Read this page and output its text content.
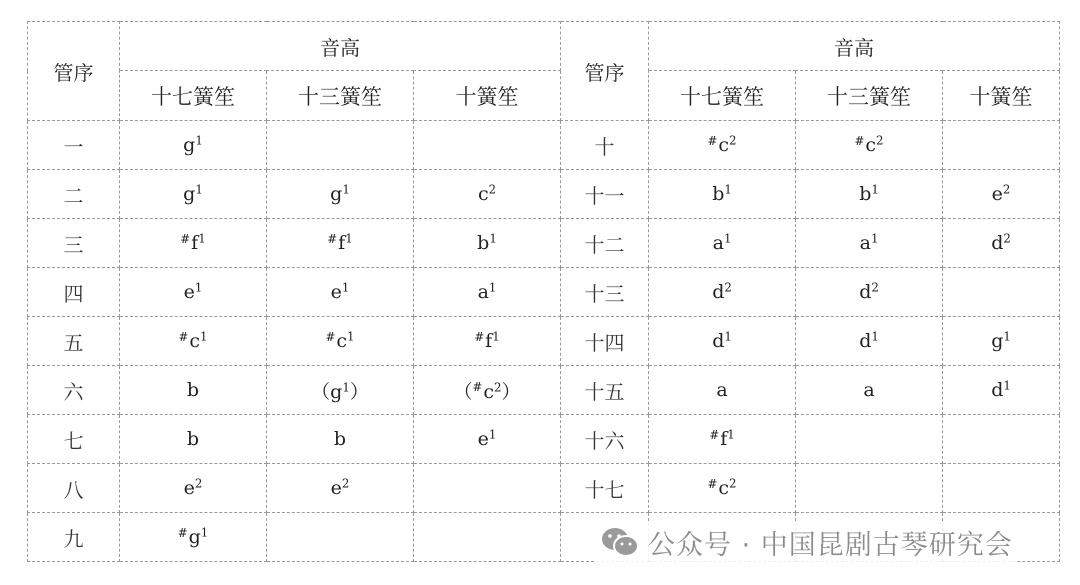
管序	音高			管序	音高		
	十七簧笙	十三簧笙	十簧笙		十七簧笙	十三簧笙	十簧笙
一	$g^1$			十	$^{\#}c^2$	$^{\#}c^2$	
二	$g^1$	$g^1$	$c^2$	十一	$b^1$	$b^1$	$e^2$
三	$^{\#}f^1$	$^{\#}f^1$	$b^1$	十二	$a^1$	$a^1$	$d^2$
四	$e^1$	$e^1$	$a^1$	十三	$d^2$	$d^2$	
五	$^{\#}c^1$	$^{\#}c^1$	$^{\#}f^1$	十四	$d^1$	$d^1$	$g^1$
六	b	$(g^1)$	$(^{\#}c^2)$	十五	a	a	$d^1$
七	b	b	$e^1$	十六	$^{\#}f^1$		
八	$e^2$	$e^2$		十七	$^{\#}c^2$		
九	$^{\#}g^1$							公众号 · 中国昆剧古琴研究会
